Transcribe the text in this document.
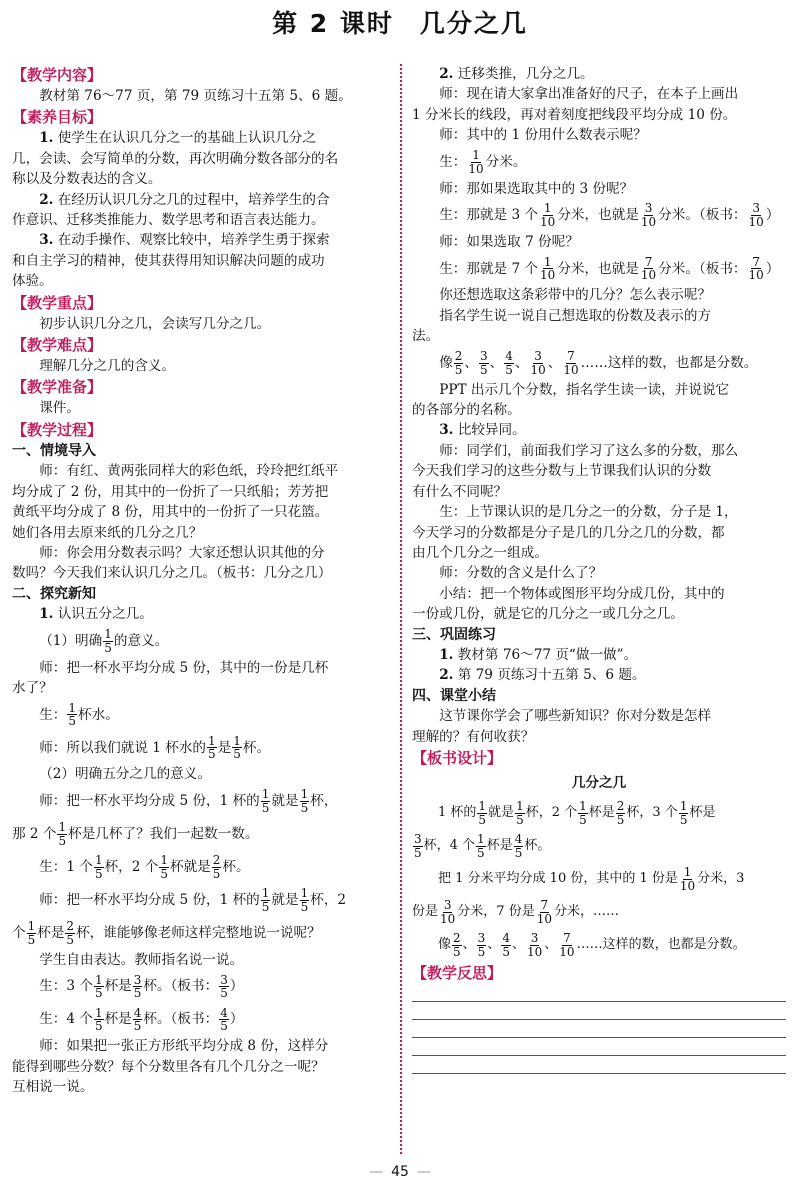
第 2 课时 几分之几
【教学内容】
教材第 76～77 页，第 79 页练习十五第 5、6 题。
【素养目标】
1. 使学生在认识几分之一的基础上认识几分之
几，会读、会写简单的分数，再次明确分数各部分的名
称以及分数表达的含义。
2. 在经历认识几分之几的过程中，培养学生的合
作意识、迁移类推能力、数学思考和语言表达能力。
3. 在动手操作、观察比较中，培养学生勇于探索
和自主学习的精神，使其获得用知识解决问题的成功
体验。
【教学重点】
初步认识几分之几，会读写几分之几。
【教学难点】
理解几分之几的含义。
【教学准备】
课件。
【教学过程】
一、情境导入
师：有红、黄两张同样大的彩色纸，玲玲把红纸平
均分成了 2 份，用其中的一份折了一只纸船；芳芳把
黄纸平均分成了 8 份，用其中的一份折了一只花篮。
她们各用去原来纸的几分之几？
师：你会用分数表示吗？大家还想认识其他的分
数吗？今天我们来认识几分之几。（板书：几分之几）
二、探究新知
1. 认识五分之几。
（1）明确 $\frac{1}{5}$ 的意义。
师：把一杯水平均分成 5 份，其中的一份是几杯
水了？
生： $\frac{1}{5}$ 杯水。
师：所以我们就说 1 杯水的 $\frac{1}{5}$ 是 $\frac{1}{5}$ 杯。
（2）明确五分之几的意义。
师：把一杯水平均分成 5 份，1 杯的 $\frac{1}{5}$ 就是 $\frac{1}{5}$ 杯，
那 2 个 $\frac{1}{5}$ 杯是几杯了？我们一起数一数。
生：1 个 $\frac{1}{5}$ 杯，2 个 $\frac{1}{5}$ 杯就是 $\frac{2}{5}$ 杯。
师：把一杯水平均分成 5 份，1 杯的 $\frac{1}{5}$ 就是 $\frac{1}{5}$ 杯，2
个 $\frac{1}{5}$ 杯是 $\frac{2}{5}$ 杯，谁能够像老师这样完整地说一说呢？
学生自由表达。教师指名说一说。
生：3 个 $\frac{1}{5}$ 杯是 $\frac{3}{5}$ 杯。（板书： $\frac{3}{5}$ ）
生：4 个 $\frac{1}{5}$ 杯是 $\frac{4}{5}$ 杯。（板书： $\frac{4}{5}$ ）
师：如果把一张正方形纸平均分成 8 份，这样分
能得到哪些分数？每个分数里各有几个几分之一呢？
互相说一说。
2. 迁移类推，几分之几。
师：现在请大家拿出准备好的尺子，在本子上画出
1 分米长的线段，再对着刻度把线段平均分成 10 份。
师：其中的 1 份用什么数表示呢？
生： $\frac{1}{10}$ 分米。
师：那如果选取其中的 3 份呢？
生：那就是 3 个 $\frac{1}{10}$ 分米，也就是 $\frac{3}{10}$ 分米。（板书： $\frac{3}{10}$ ）
师：如果选取 7 份呢？
生：那就是 7 个 $\frac{1}{10}$ 分米，也就是 $\frac{7}{10}$ 分米。（板书： $\frac{7}{10}$ ）
你还想选取这条彩带中的几分？怎么表示呢？
指名学生说一说自己想选取的份数及表示的方
法。
像 $\frac{2}{5}$ 、 $\frac{3}{5}$ 、 $\frac{4}{5}$ 、 $\frac{3}{10}$ 、 $\frac{7}{10}$ ……这样的数，也都是分数。
PPT 出示几个分数，指名学生读一读，并说说它
的各部分的名称。
3. 比较异同。
师：同学们，前面我们学习了这么多的分数，那么
今天我们学习的这些分数与上节课我们认识的分数
有什么不同呢？
生：上节课认识的是几分之一的分数，分子是 1，
今天学习的分数都是分子是几的几分之几的分数，都
由几个几分之一组成。
师：分数的含义是什么了？
小结：把一个物体或图形平均分成几份，其中的
一份或几份，就是它的几分之一或几分之几。
三、巩固练习
1. 教材第 76～77 页“做一做”。
2. 第 79 页练习十五第 5、6 题。
四、课堂小结
这节课你学会了哪些新知识？你对分数是怎样
理解的？有何收获？
【板书设计】
几分之几
1 杯的 $\frac{1}{5}$ 就是 $\frac{1}{5}$ 杯，2 个 $\frac{1}{5}$ 杯是 $\frac{2}{5}$ 杯，3 个 $\frac{1}{5}$ 杯是
$\frac{3}{5}$ 杯，4 个 $\frac{1}{5}$ 杯是 $\frac{4}{5}$ 杯。
把 1 分米平均分成 10 份，其中的 1 份是 $\frac{1}{10}$ 分米，3
份是 $\frac{3}{10}$ 分米，7 份是 $\frac{7}{10}$ 分米，……
像 $\frac{2}{5}$ 、 $\frac{3}{5}$ 、 $\frac{4}{5}$ 、 $\frac{3}{10}$ 、 $\frac{7}{10}$ ……这样的数，也都是分数。
【教学反思】
— 45 —
